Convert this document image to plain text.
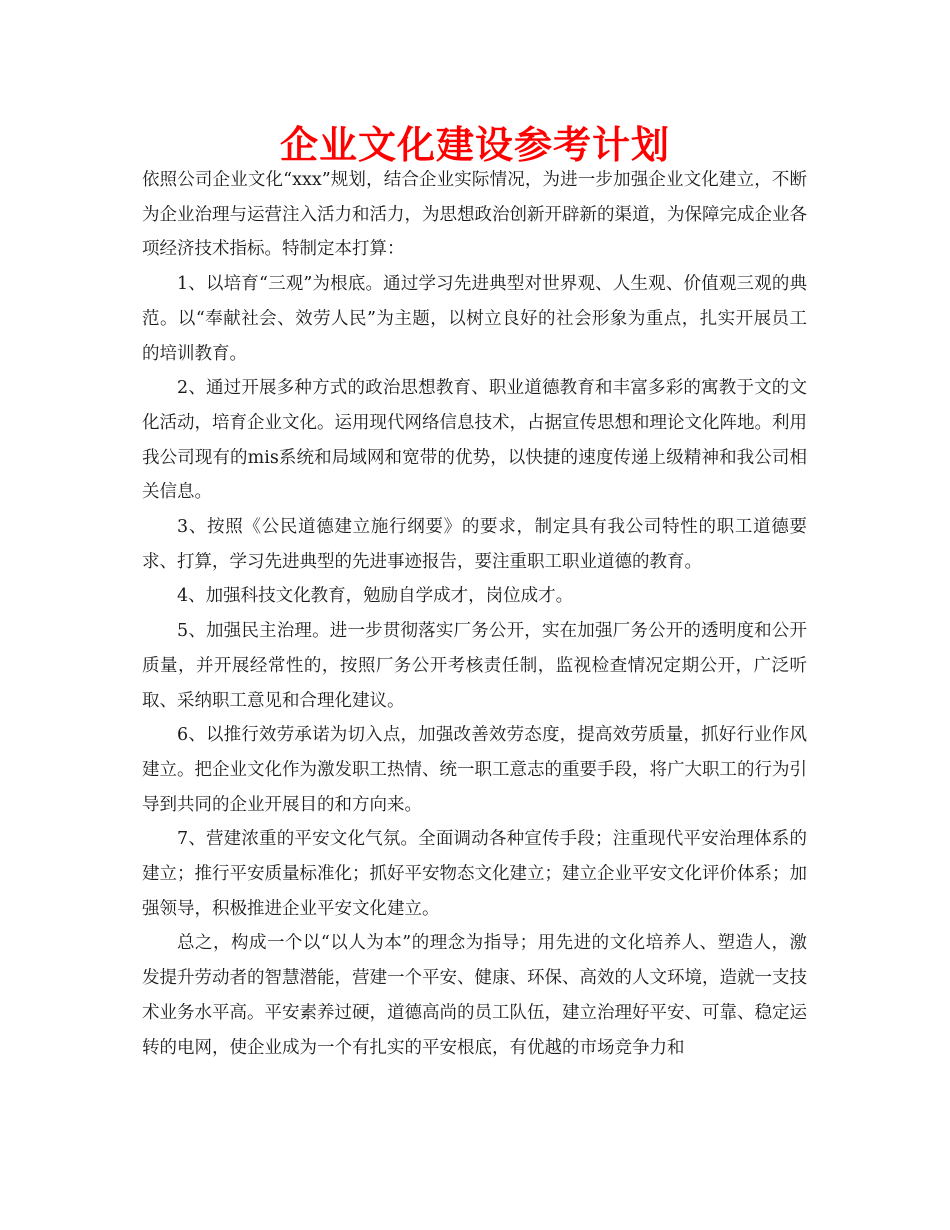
企业文化建设参考计划

依照公司企业文化“xxx”规划，结合企业实际情况，为进一步加强企业文化建立，不断为企业治理与运营注入活力和活力，为思想政治创新开辟新的渠道，为保障完成企业各项经济技术指标。特制定本打算：

1、以培育“三观”为根底。通过学习先进典型对世界观、人生观、价值观三观的典范。以“奉献社会、效劳人民”为主题，以树立良好的社会形象为重点，扎实开展员工的培训教育。

2、通过开展多种方式的政治思想教育、职业道德教育和丰富多彩的寓教于文的文化活动，培育企业文化。运用现代网络信息技术，占据宣传思想和理论文化阵地。利用我公司现有的mis系统和局域网和宽带的优势，以快捷的速度传递上级精神和我公司相关信息。

3、按照《公民道德建立施行纲要》的要求，制定具有我公司特性的职工道德要求、打算，学习先进典型的先进事迹报告，要注重职工职业道德的教育。

4、加强科技文化教育，勉励自学成才，岗位成才。

5、加强民主治理。进一步贯彻落实厂务公开，实在加强厂务公开的透明度和公开质量，并开展经常性的，按照厂务公开考核责任制，监视检查情况定期公开，广泛听取、采纳职工意见和合理化建议。

6、以推行效劳承诺为切入点，加强改善效劳态度，提高效劳质量，抓好行业作风建立。把企业文化作为激发职工热情、统一职工意志的重要手段，将广大职工的行为引导到共同的企业开展目的和方向来。

7、营建浓重的平安文化气氛。全面调动各种宣传手段；注重现代平安治理体系的建立；推行平安质量标准化；抓好平安物态文化建立；建立企业平安文化评价体系；加强领导，积极推进企业平安文化建立。

总之，构成一个以“以人为本”的理念为指导；用先进的文化培养人、塑造人，激发提升劳动者的智慧潜能，营建一个平安、健康、环保、高效的人文环境，造就一支技术业务水平高。平安素养过硬，道德高尚的员工队伍，建立治理好平安、可靠、稳定运转的电网，使企业成为一个有扎实的平安根底，有优越的市场竞争力和
